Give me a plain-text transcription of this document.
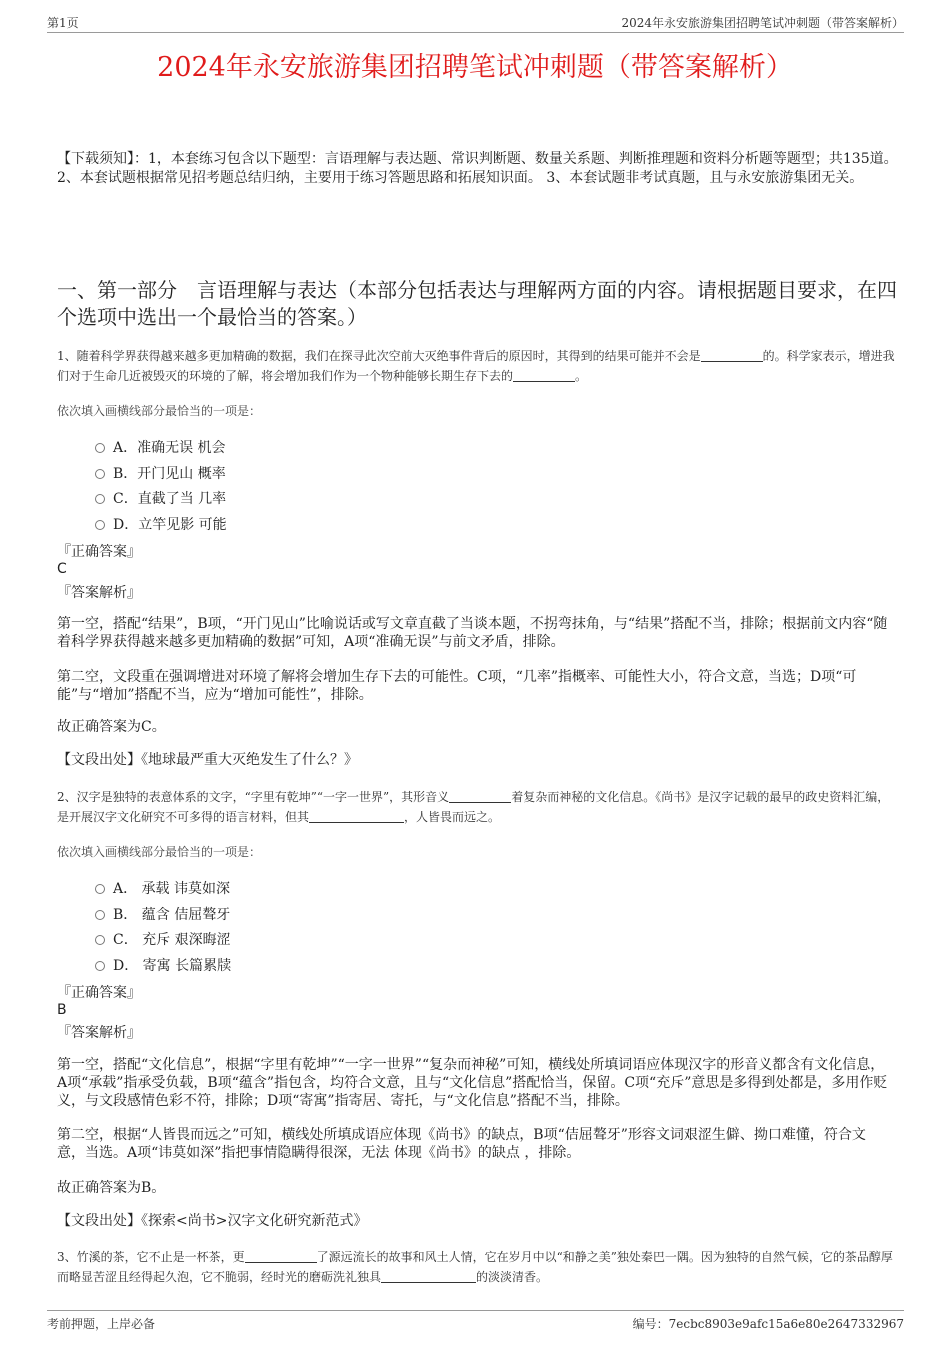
第1页	2024年永安旅游集团招聘笔试冲刺题（带答案解析）
2024年永安旅游集团招聘笔试冲刺题（带答案解析）
【下载须知】：1，本套练习包含以下题型：言语理解与表达题、常识判断题、数量关系题、判断推理题和资料分析题等题型；共135道。 2、本套试题根据常见招考题总结归纳，主要用于练习答题思路和拓展知识面。 3、本套试题非考试真题，且与永安旅游集团无关。
一、第一部分　言语理解与表达（本部分包括表达与理解两方面的内容。请根据题目要求，在四个选项中选出一个最恰当的答案。）
1、随着科学界获得越来越多更加精确的数据，我们在探寻此次空前大灭绝事件背后的原因时，其得到的结果可能并不会是	的。科学家表示，增进我们对于生命几近被毁灭的环境的了解，将会增加我们作为一个物种能够长期生存下去的	。
依次填入画横线部分最恰当的一项是：
A．准确无误 机会
B．开门见山 概率
C．直截了当 几率
D．立竿见影 可能
『正确答案』
C
『答案解析』
第一空，搭配“结果”，B项，“开门见山”比喻说话或写文章直截了当谈本题，不拐弯抹角，与“结果”搭配不当，排除；根据前文内容“随着科学界获得越来越多更加精确的数据”可知，A项“准确无误”与前文矛盾，排除。
第二空，文段重在强调增进对环境了解将会增加生存下去的可能性。C项，“几率”指概率、可能性大小，符合文意，当选；D项“可能”与“增加”搭配不当，应为“增加可能性”，排除。
故正确答案为C。
【文段出处】《地球最严重大灭绝发生了什么？》
2、汉字是独特的表意体系的文字，“字里有乾坤”“一字一世界”，其形音义	着复杂而神秘的文化信息。《尚书》是汉字记载的最早的政史资料汇编，是开展汉字文化研究不可多得的语言材料，但其	，人皆畏而远之。
依次填入画横线部分最恰当的一项是：
A． 承载 讳莫如深
B． 蕴含 佶屈聱牙
C． 充斥 艰深晦涩
D． 寄寓 长篇累牍
『正确答案』
B
『答案解析』
第一空，搭配“文化信息”，根据“字里有乾坤”“一字一世界”“复杂而神秘”可知，横线处所填词语应体现汉字的形音义都含有文化信息，A项“承载”指承受负载，B项“蕴含”指包含，均符合文意，且与“文化信息”搭配恰当，保留。C项“充斥”意思是多得到处都是，多用作贬义，与文段感情色彩不符，排除；D项“寄寓”指寄居、寄托，与“文化信息”搭配不当，排除。
第二空，根据“人皆畏而远之”可知，横线处所填成语应体现《尚书》的缺点，B项“佶屈聱牙”形容文词艰涩生僻、拗口难懂，符合文意，当选。A项“讳莫如深”指把事情隐瞒得很深，无法 体现《尚书》的缺点 ，排除。
故正确答案为B。
【文段出处】《探索<尚书>汉字文化研究新范式》
3、竹溪的茶，它不止是一杯茶，更	了源远流长的故事和风土人情，它在岁月中以“和静之美”独处秦巴一隅。因为独特的自然气候，它的茶品醇厚而略显苦涩且经得起久泡，它不脆弱，经时光的磨砺洗礼独具	的淡淡清香。
考前押题，上岸必备	编号：7ecbc8903e9afc15a6e80e2647332967
